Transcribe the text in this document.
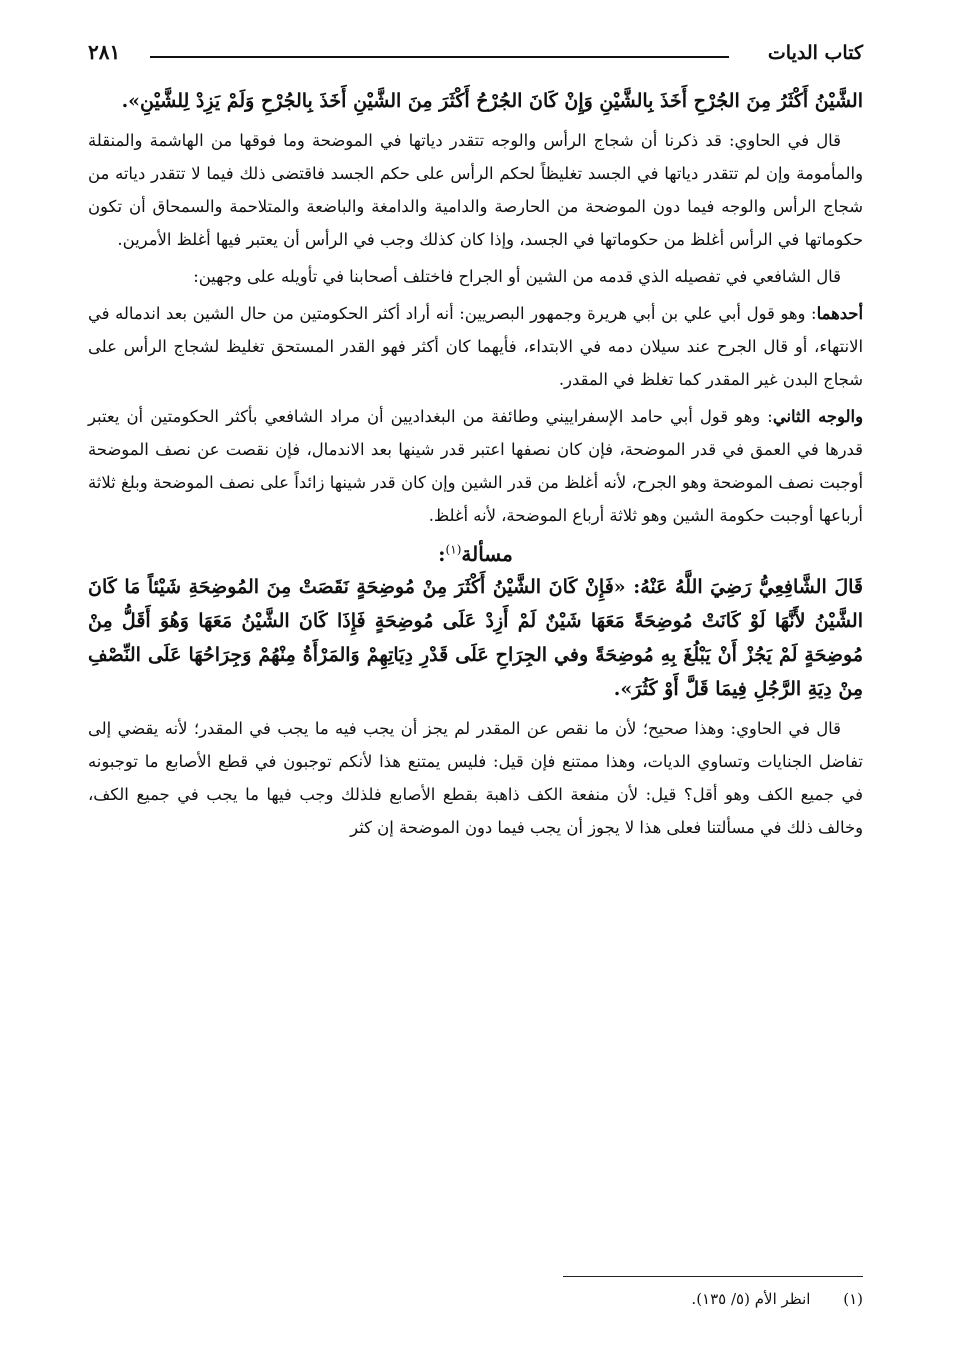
كتاب الديات
٢٨١

الشَّيْنُ أَكْثَرُ مِنَ الجُرْحِ أَخَذَ بِالشَّيْنِ وَإِنْ كَانَ الجُرْحُ أَكْثَرَ مِنَ الشَّيْنِ أَخَذَ بِالجُرْحِ وَلَمْ يَزِدْ لِلشَّيْنِ».

قال في الحاوي: قد ذكرنا أن شجاج الرأس والوجه تتقدر دياتها في الموضحة وما فوقها من الهاشمة والمنقلة والمأمومة وإن لم تتقدر دياتها في الجسد تغليظاً لحكم الرأس على حكم الجسد فاقتضى ذلك فيما لا تتقدر دياته من شجاج الرأس والوجه فيما دون الموضحة من الحارصة والدامية والدامغة والباضعة والمتلاحمة والسمحاق أن تكون حكوماتها في الرأس أغلظ من حكوماتها في الجسد، وإذا كان كذلك وجب في الرأس أن يعتبر فيها أغلظ الأمرين.

قال الشافعي في تفصيله الذي قدمه من الشين أو الجراح فاختلف أصحابنا في تأويله على وجهين:

أحدهما: وهو قول أبي علي بن أبي هريرة وجمهور البصريين: أنه أراد أكثر الحكومتين من حال الشين بعد اندماله في الانتهاء، أو قال الجرح عند سيلان دمه في الابتداء، فأيهما كان أكثر فهو القدر المستحق تغليظ لشجاج الرأس على شجاج البدن غير المقدر كما تغلظ في المقدر.

والوجه الثاني: وهو قول أبي حامد الإسفراييني وطائفة من البغداديين أن مراد الشافعي بأكثر الحكومتين أن يعتبر قدرها في العمق في قدر الموضحة، فإن كان نصفها اعتبر قدر شينها بعد الاندمال، فإن نقصت عن نصف الموضحة أوجبت نصف الموضحة وهو الجرح، لأنه أغلظ من قدر الشين وإن كان قدر شينها زائداً على نصف الموضحة وبلغ ثلاثة أرباعها أوجبت حكومة الشين وهو ثلاثة أرباع الموضحة، لأنه أغلظ.

مسألة$^{(١)}$:

قَالَ الشَّافِعِيُّ رَضِيَ اللَّهُ عَنْهُ: «فَإِنْ كَانَ الشَّيْنُ أَكْثَرَ مِنْ مُوضِحَةٍ نَقَصَتْ مِنَ المُوضِحَةِ شَيْئاً مَا كَانَ الشَّيْنُ لأَنَّهَا لَوْ كَانَتْ مُوضِحَةً مَعَهَا شَيْنٌ لَمْ أَزِدْ عَلَى مُوضِحَةٍ فَإِذَا كَانَ الشَّيْنُ مَعَهَا وَهُوَ أَقَلُّ مِنْ مُوضِحَةٍ لَمْ يَجُزْ أَنْ يَبْلُغَ بِهِ مُوضِحَةً وفي الجِرَاحِ عَلَى قَدْرِ دِيَاتِهِمْ وَالمَرْأَةُ مِنْهُمْ وَجِرَاحُهَا عَلَى النِّصْفِ مِنْ دِيَةِ الرَّجُلِ فِيمَا قَلَّ أَوْ كَثُرَ».

قال في الحاوي: وهذا صحيح؛ لأن ما نقص عن المقدر لم يجز أن يجب فيه ما يجب في المقدر؛ لأنه يقضي إلى تفاضل الجنايات وتساوي الديات، وهذا ممتنع فإن قيل: فليس يمتنع هذا لأنكم توجبون في قطع الأصابع ما توجبونه في جميع الكف وهو أقل؟ قيل: لأن منفعة الكف ذاهبة بقطع الأصابع فلذلك وجب فيها ما يجب في جميع الكف، وخالف ذلك في مسألتنا فعلى هذا لا يجوز أن يجب فيما دون الموضحة إن كثر

(١) انظر الأم (٥/ ١٣٥).
